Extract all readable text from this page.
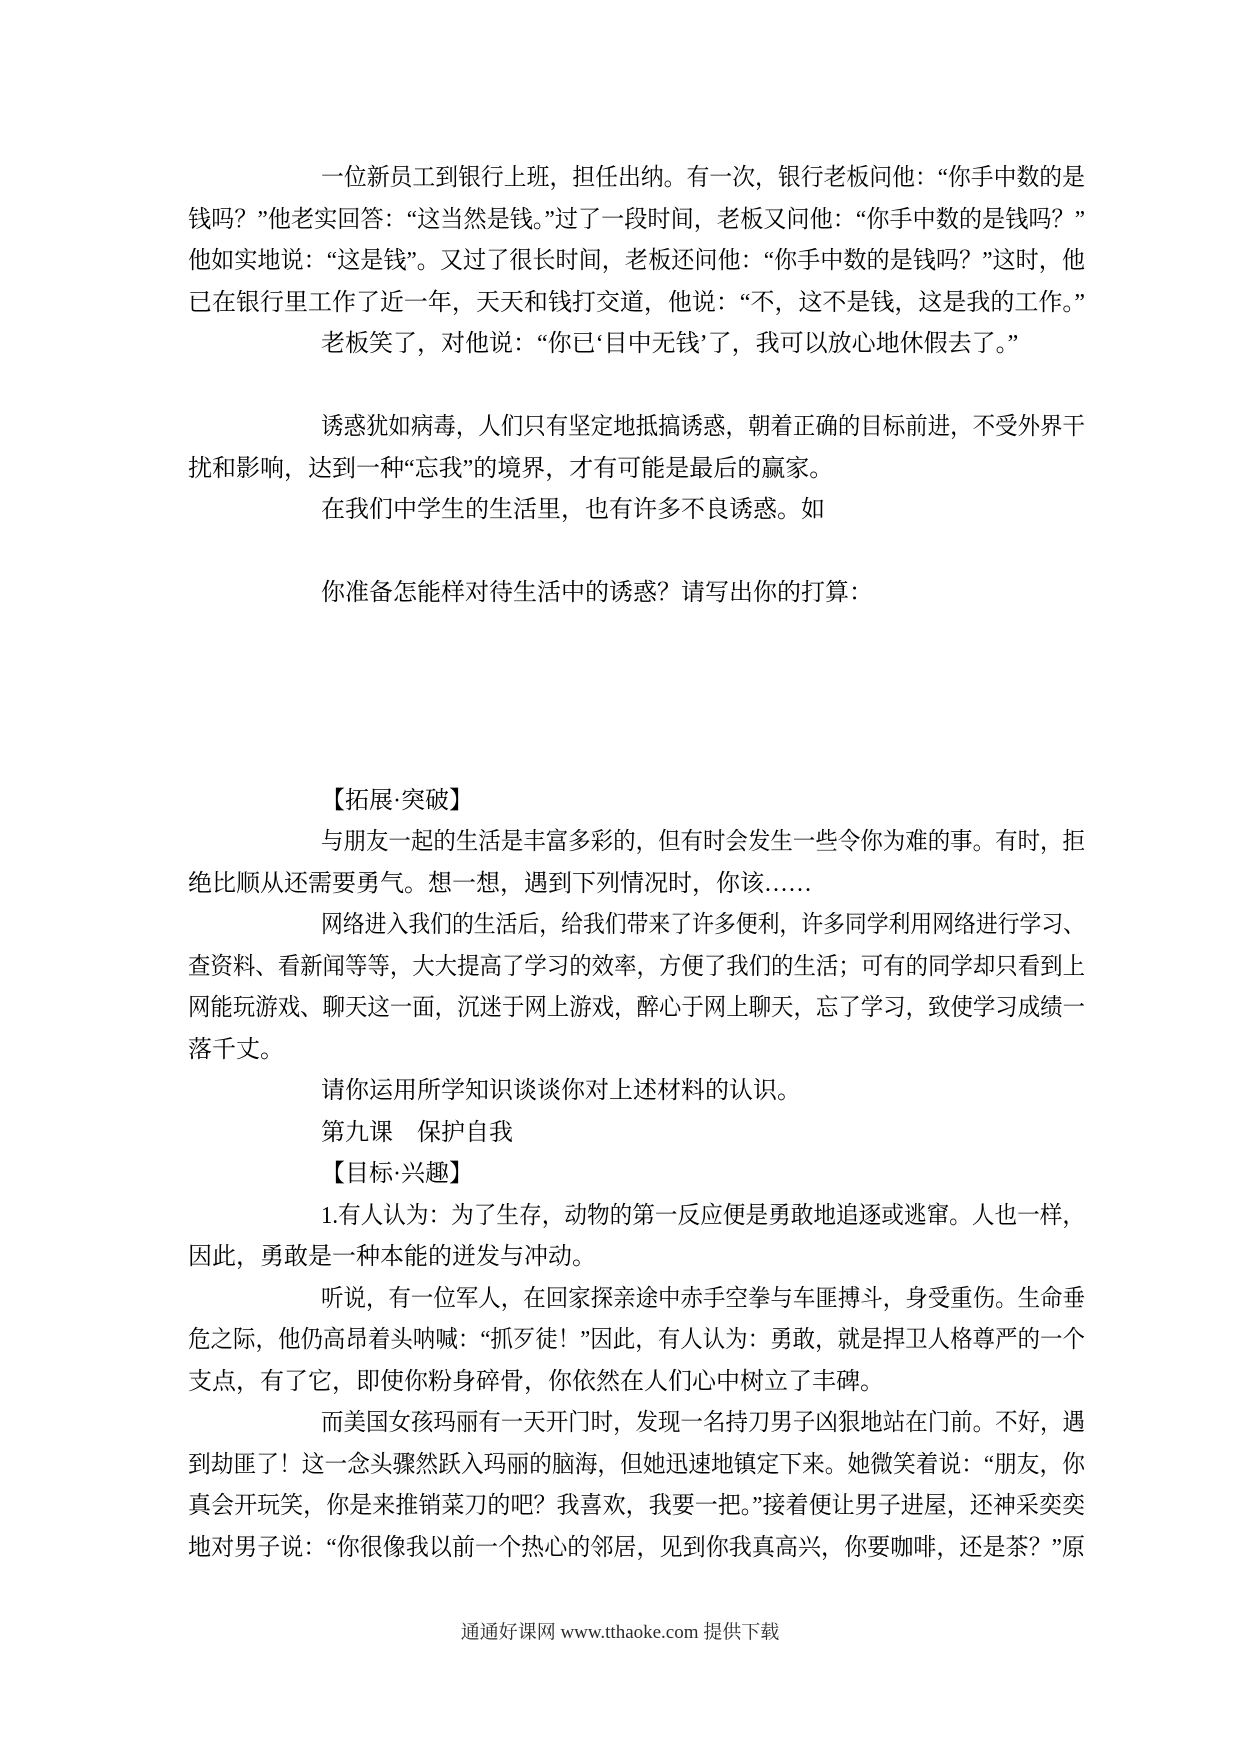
一位新员工到银行上班，担任出纳。有一次，银行老板问他：“你手中数的是
钱吗？”他老实回答：“这当然是钱。”过了一段时间，老板又问他：“你手中数的是钱吗？”
他如实地说：“这是钱”。又过了很长时间，老板还问他：“你手中数的是钱吗？”这时，他
已在银行里工作了近一年，天天和钱打交道，他说：“不，这不是钱，这是我的工作。”
老板笑了，对他说：“你已‘目中无钱’了，我可以放心地休假去了。”
诱惑犹如病毒，人们只有坚定地抵搞诱惑，朝着正确的目标前进，不受外界干
扰和影响，达到一种“忘我”的境界，才有可能是最后的赢家。
在我们中学生的生活里，也有许多不良诱惑。如
你准备怎能样对待生活中的诱惑？请写出你的打算：
【拓展·突破】
与朋友一起的生活是丰富多彩的，但有时会发生一些令你为难的事。有时，拒
绝比顺从还需要勇气。想一想，遇到下列情况时，你该……
网络进入我们的生活后，给我们带来了许多便利，许多同学利用网络进行学习、
查资料、看新闻等等，大大提高了学习的效率，方便了我们的生活；可有的同学却只看到上
网能玩游戏、聊天这一面，沉迷于网上游戏，醉心于网上聊天，忘了学习，致使学习成绩一
落千丈。
请你运用所学知识谈谈你对上述材料的认识。
第九课　保护自我
【目标·兴趣】
1.有人认为：为了生存，动物的第一反应便是勇敢地追逐或逃窜。人也一样，
因此，勇敢是一种本能的迸发与冲动。
听说，有一位军人，在回家探亲途中赤手空拳与车匪搏斗，身受重伤。生命垂
危之际，他仍高昂着头呐喊：“抓歹徒！”因此，有人认为：勇敢，就是捍卫人格尊严的一个
支点，有了它，即使你粉身碎骨，你依然在人们心中树立了丰碑。
而美国女孩玛丽有一天开门时，发现一名持刀男子凶狠地站在门前。不好，遇
到劫匪了！这一念头骤然跃入玛丽的脑海，但她迅速地镇定下来。她微笑着说：“朋友，你
真会开玩笑，你是来推销菜刀的吧？我喜欢，我要一把。”接着便让男子进屋，还神采奕奕
地对男子说：“你很像我以前一个热心的邻居，见到你我真高兴，你要咖啡，还是茶？”原
通通好课网 www.tthaoke.com 提供下载
